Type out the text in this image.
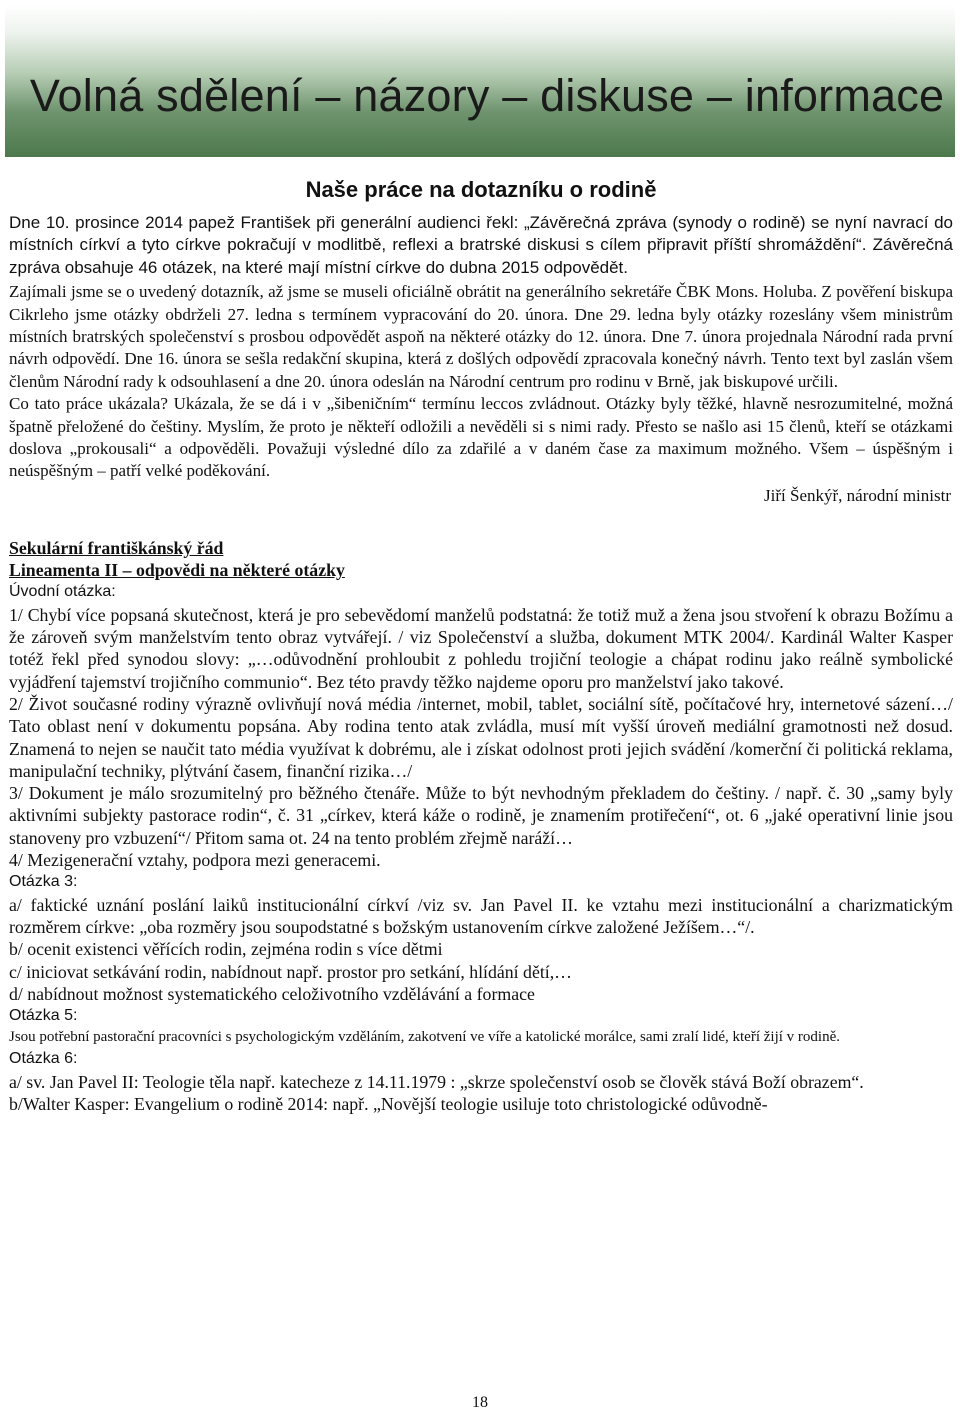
Volná sdělení – názory – diskuse – informace
Naše práce na dotazníku o rodině

Dne 10. prosince 2014 papež František při generální audienci řekl: „Závěrečná zpráva (synody o rodině) se nyní navrací do místních církví a tyto církve pokračují v modlitbě, reflexi a bratrské diskusi s cílem připravit příští shromáždění“. Závěrečná zpráva obsahuje 46 otázek, na které mají místní církve do dubna 2015 odpovědět.

Zajímali jsme se o uvedený dotazník, až jsme se museli oficiálně obrátit na generálního sekretáře ČBK Mons. Holuba. Z pověření biskupa Cikrleho jsme otázky obdrželi 27. ledna s termínem vypracování do 20. února. Dne 29. ledna byly otázky rozeslány všem ministrům místních bratrských společenství s prosbou odpovědět aspoň na některé otázky do 12. února. Dne 7. února projednala Národní rada první návrh odpovědí. Dne 16. února se sešla redakční skupina, která z došlých odpovědí zpracovala konečný návrh. Tento text byl zaslán všem členům Národní rady k odsouhlasení a dne 20. února odeslán na Národní centrum pro rodinu v Brně, jak biskupové určili.

Co tato práce ukázala? Ukázala, že se dá i v „šibeničním“ termínu leccos zvládnout. Otázky byly těžké, hlavně nesrozumitelné, možná špatně přeložené do češtiny. Myslím, že proto je někteří odložili a nevěděli si s nimi rady. Přesto se našlo asi 15 členů, kteří se otázkami doslova „prokousali“ a odpověděli. Považuji výsledné dílo za zdařilé a v daném čase za maximum možného. Všem – úspěšným i neúspěšným – patří velké poděkování.

Jiří Šenkýř, národní ministr

Sekulární františkánský řád

Lineamenta II – odpovědi na některé otázky

Úvodní otázka:

1/ Chybí více popsaná skutečnost, která je pro sebevědomí manželů podstatná: že totiž muž a žena jsou stvoření k obrazu Božímu a že zároveň svým manželstvím tento obraz vytvářejí. / viz Společenství a služba, dokument MTK 2004/. Kardinál Walter Kasper totéž řekl před synodou slovy: „…odůvodnění prohloubit z pohledu trojiční teologie a chápat rodinu jako reálně symbolické vyjádření tajemství trojičního communio“. Bez této pravdy těžko najdeme oporu pro manželství jako takové.

2/ Život současné rodiny výrazně ovlivňují nová média /internet, mobil, tablet, sociální sítě, počítačové hry, internetové sázení…/ Tato oblast není v dokumentu popsána. Aby rodina tento atak zvládla, musí mít vyšší úroveň mediální gramotnosti než dosud. Znamená to nejen se naučit tato média využívat k dobrému, ale i získat odolnost proti jejich svádění /komerční či politická reklama, manipulační techniky, plýtvání časem, finanční rizika…/

3/ Dokument je málo srozumitelný pro běžného čtenáře. Může to být nevhodným překladem do češtiny. / např. č. 30 „samy byly aktivními subjekty pastorace rodin“, č. 31 „církev, která káže o rodině, je znamením protiřečení“, ot. 6 „jaké operativní linie jsou stanoveny pro vzbuzení“/ Přitom sama ot. 24 na tento problém zřejmě naráží…

4/ Mezigenerační vztahy, podpora mezi generacemi.

Otázka 3:

a/ faktické uznání poslání laiků institucionální církví /viz sv. Jan Pavel II. ke vztahu mezi institucionální a charizmatickým rozměrem církve: „oba rozměry jsou soupodstatné s božským ustanovením církve založené Ježíšem…“/.

b/ ocenit existenci věřících rodin, zejména rodin s více dětmi

c/ iniciovat setkávání rodin, nabídnout např. prostor pro setkání, hlídání dětí,…

d/ nabídnout možnost systematického celoživotního vzdělávání a formace

Otázka 5:

Jsou potřební pastorační pracovníci s psychologickým vzděláním, zakotvení ve víře a katolické morálce, sami zralí lidé, kteří žijí v rodině.

Otázka 6:

a/ sv. Jan Pavel II: Teologie těla např. katecheze z 14.11.1979 : „skrze společenství osob se člověk stává Boží obrazem“.

b/Walter Kasper: Evangelium o rodině 2014: např. „Novější teologie usiluje toto christologické odůvodně-

18
